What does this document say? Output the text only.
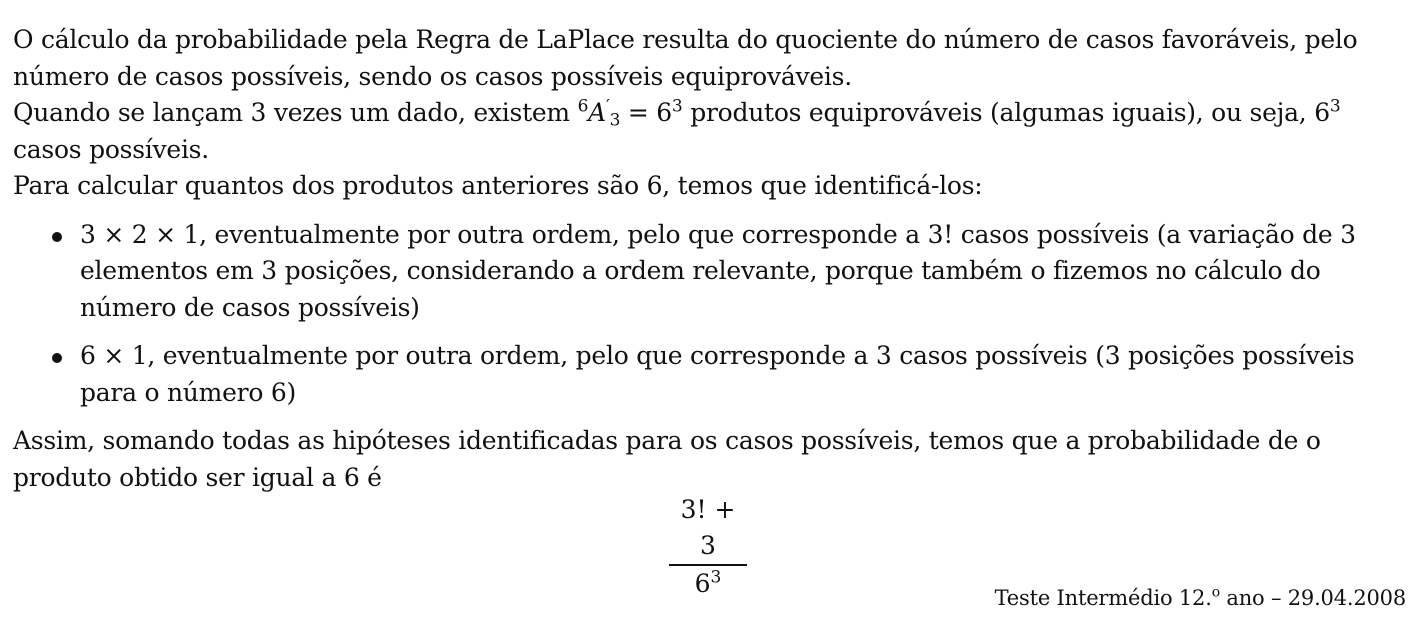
O cálculo da probabilidade pela Regra de LaPlace resulta do quociente do número de casos favoráveis, pelo número de casos possíveis, sendo os casos possíveis equiprováveis.

Quando se lançam 3 vezes um dado, existem $^6A'_3 = 6^3$ produtos equiprováveis (algumas iguais), ou seja, $6^3$ casos possíveis.

Para calcular quantos dos produtos anteriores são 6, temos que identificá-los:

3 × 2 × 1, eventualmente por outra ordem, pelo que corresponde a 3! casos possíveis (a variação de 3 elementos em 3 posições, considerando a ordem relevante, porque também o fizemos no cálculo do número de casos possíveis)
6 × 1, eventualmente por outra ordem, pelo que corresponde a 3 casos possíveis (3 posições possíveis para o número 6)

Assim, somando todas as hipóteses identificadas para os casos possíveis, temos que a probabilidade de o produto obtido ser igual a 6 é

3! + 3
$6^3$
Teste Intermédio 12.$^o$ ano – 29.04.2008
